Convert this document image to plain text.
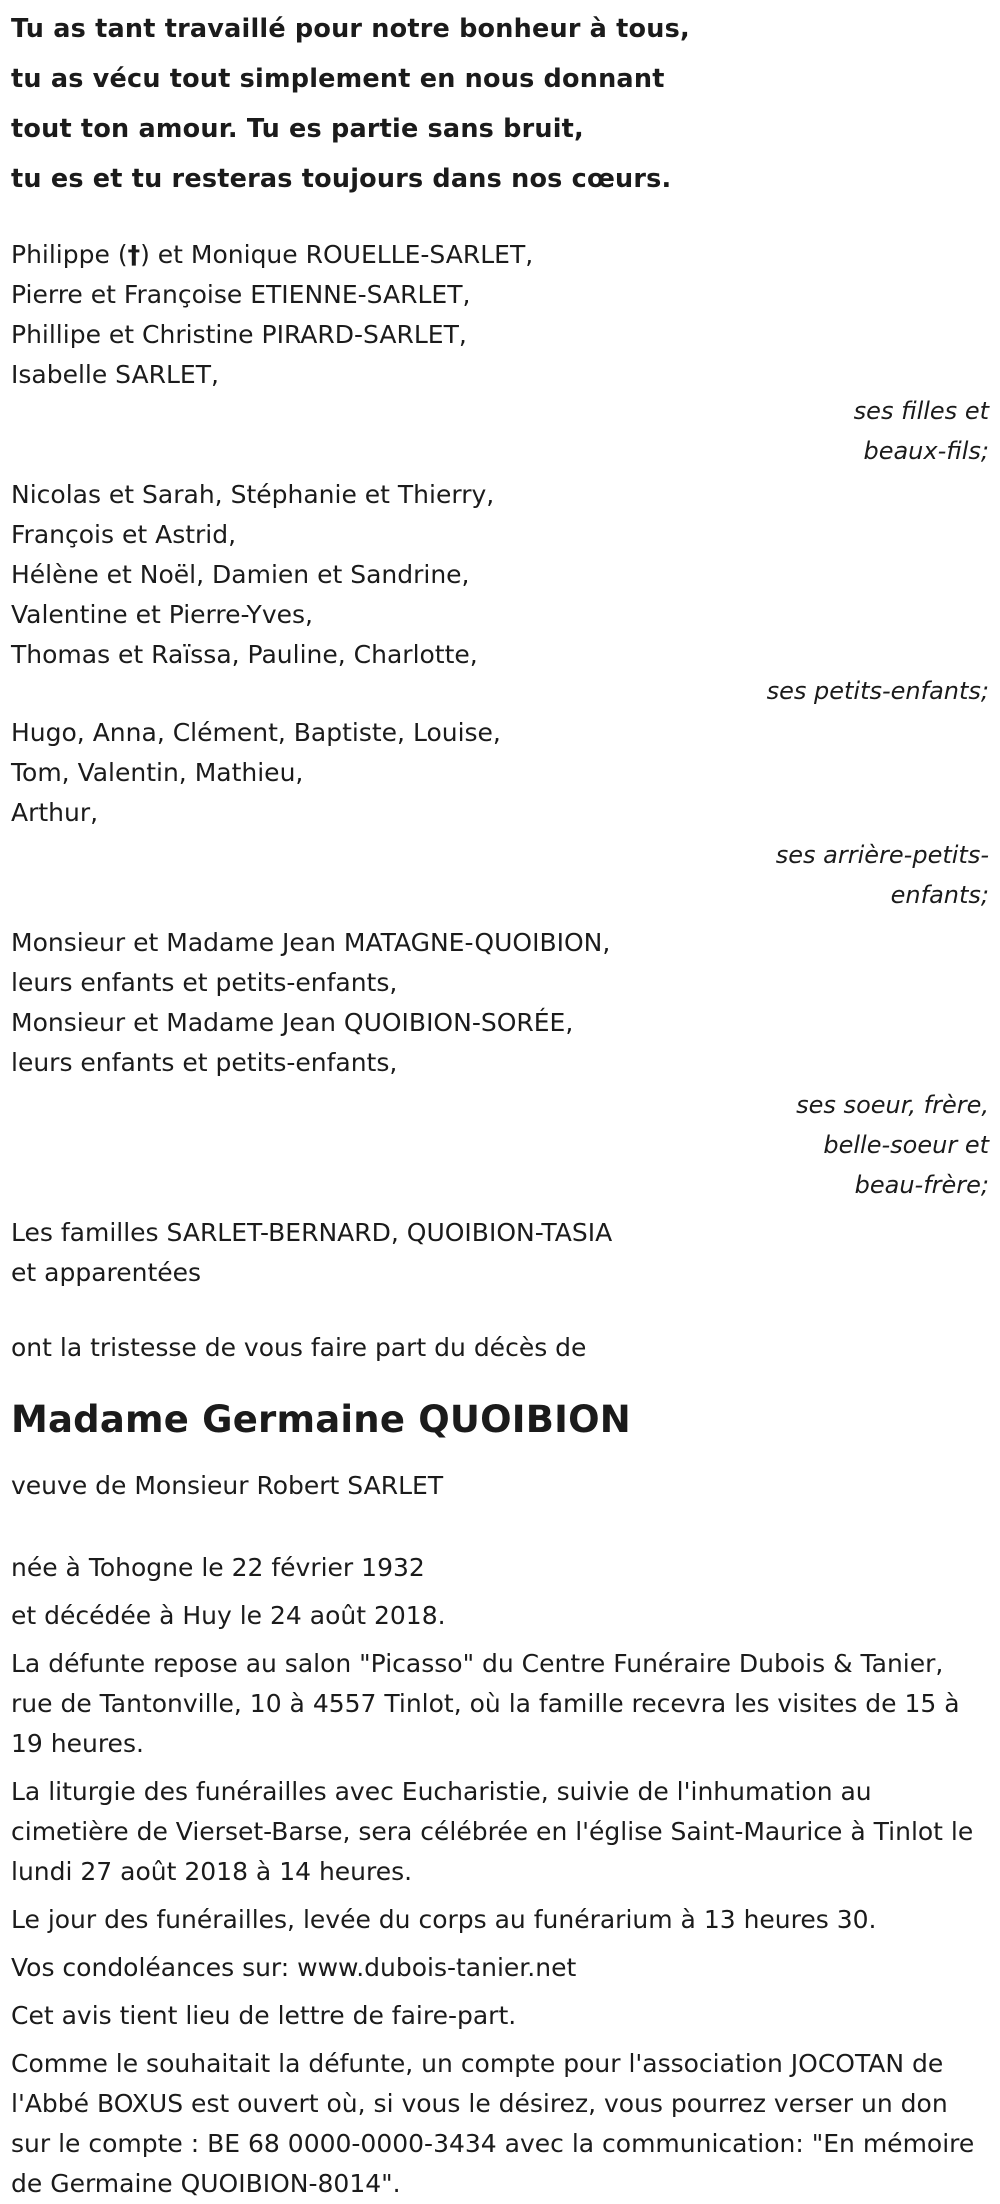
Tu as tant travaillé pour notre bonheur à tous,
tu as vécu tout simplement en nous donnant
tout ton amour. Tu es partie sans bruit,
tu es et tu resteras toujours dans nos cœurs.
Philippe (†) et Monique ROUELLE-SARLET,
Pierre et Françoise ETIENNE-SARLET,
Phillipe et Christine PIRARD-SARLET,
Isabelle SARLET,
ses filles et
beaux-fils;
Nicolas et Sarah, Stéphanie et Thierry,
François et Astrid,
Hélène et Noël, Damien et Sandrine,
Valentine et Pierre-Yves,
Thomas et Raïssa, Pauline, Charlotte,
ses petits-enfants;
Hugo, Anna, Clément, Baptiste, Louise,
Tom, Valentin, Mathieu,
Arthur,
ses arrière-petits-
enfants;
Monsieur et Madame Jean MATAGNE-QUOIBION,
leurs enfants et petits-enfants,
Monsieur et Madame Jean QUOIBION-SORÉE,
leurs enfants et petits-enfants,
ses soeur, frère,
belle-soeur et
beau-frère;
Les familles SARLET-BERNARD, QUOIBION-TASIA
et apparentées
ont la tristesse de vous faire part du décès de
Madame Germaine QUOIBION
veuve de Monsieur Robert SARLET
née à Tohogne le 22 février 1932
et décédée à Huy le 24 août 2018.

La défunte repose au salon "Picasso" du Centre Funéraire Dubois & Tanier, rue de Tantonville, 10 à 4557 Tinlot, où la famille recevra les visites de 15 à 19 heures.

La liturgie des funérailles avec Eucharistie, suivie de l'inhumation au cimetière de Vierset-Barse, sera célébrée en l'église Saint-Maurice à Tinlot le lundi 27 août 2018 à 14 heures.

Le jour des funérailles, levée du corps au funérarium à 13 heures 30.

Vos condoléances sur: www.dubois-tanier.net

Cet avis tient lieu de lettre de faire-part.

Comme le souhaitait la défunte, un compte pour l'association JOCOTAN de l'Abbé BOXUS est ouvert où, si vous le désirez, vous pourrez verser un don sur le compte : BE 68 0000-0000-3434 avec la communication: "En mémoire de Germaine QUOIBION-8014".
